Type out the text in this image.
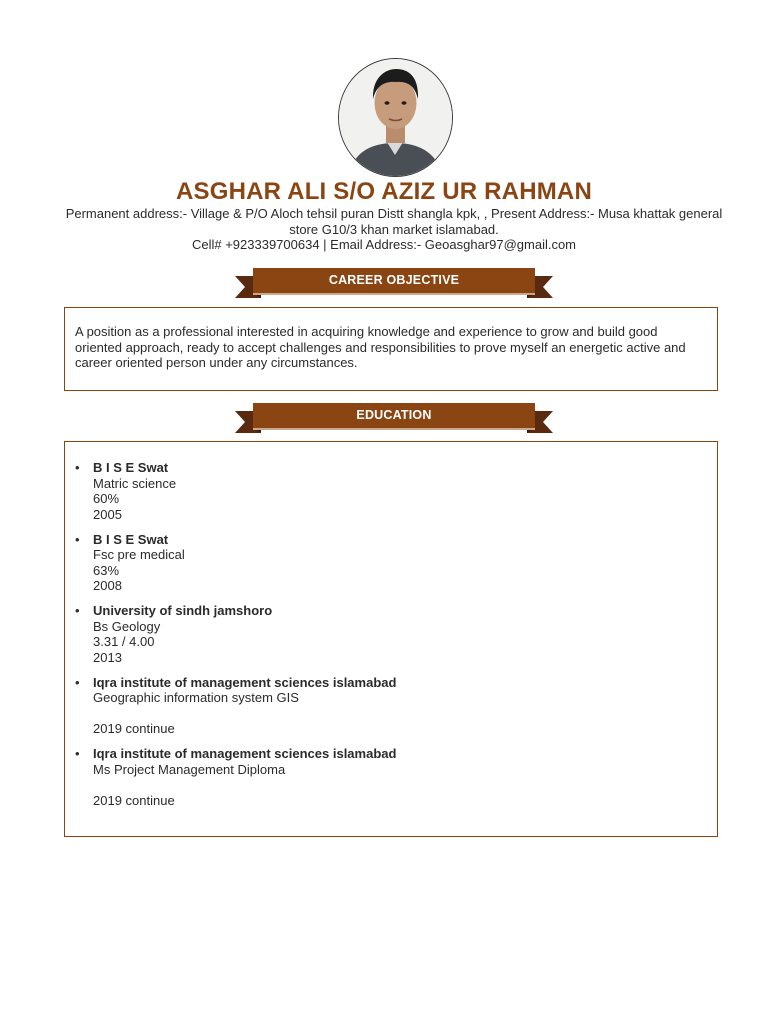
ASGHAR ALI S/O AZIZ UR RAHMAN
Permanent address:- Village & P/O Aloch tehsil puran Distt shangla kpk, , Present Address:- Musa khattak general
store G10/3 khan market islamabad.
Cell# +923339700634 | Email Address:- Geoasghar97@gmail.com
CAREER OBJECTIVE
A position as a professional interested in acquiring knowledge and experience to grow and build good
oriented approach, ready to accept challenges and responsibilities to prove myself an energetic active and
career oriented person under any circumstances.
EDUCATION
• B I S E Swat
Matric science
60%
2005
• B I S E Swat
Fsc pre medical
63%
2008
• University of sindh jamshoro
Bs Geology
3.31 / 4.00
2013
• Iqra institute of management sciences islamabad
Geographic information system GIS
2019 continue
• Iqra institute of management sciences islamabad
Ms Project Management Diploma
2019 continue
